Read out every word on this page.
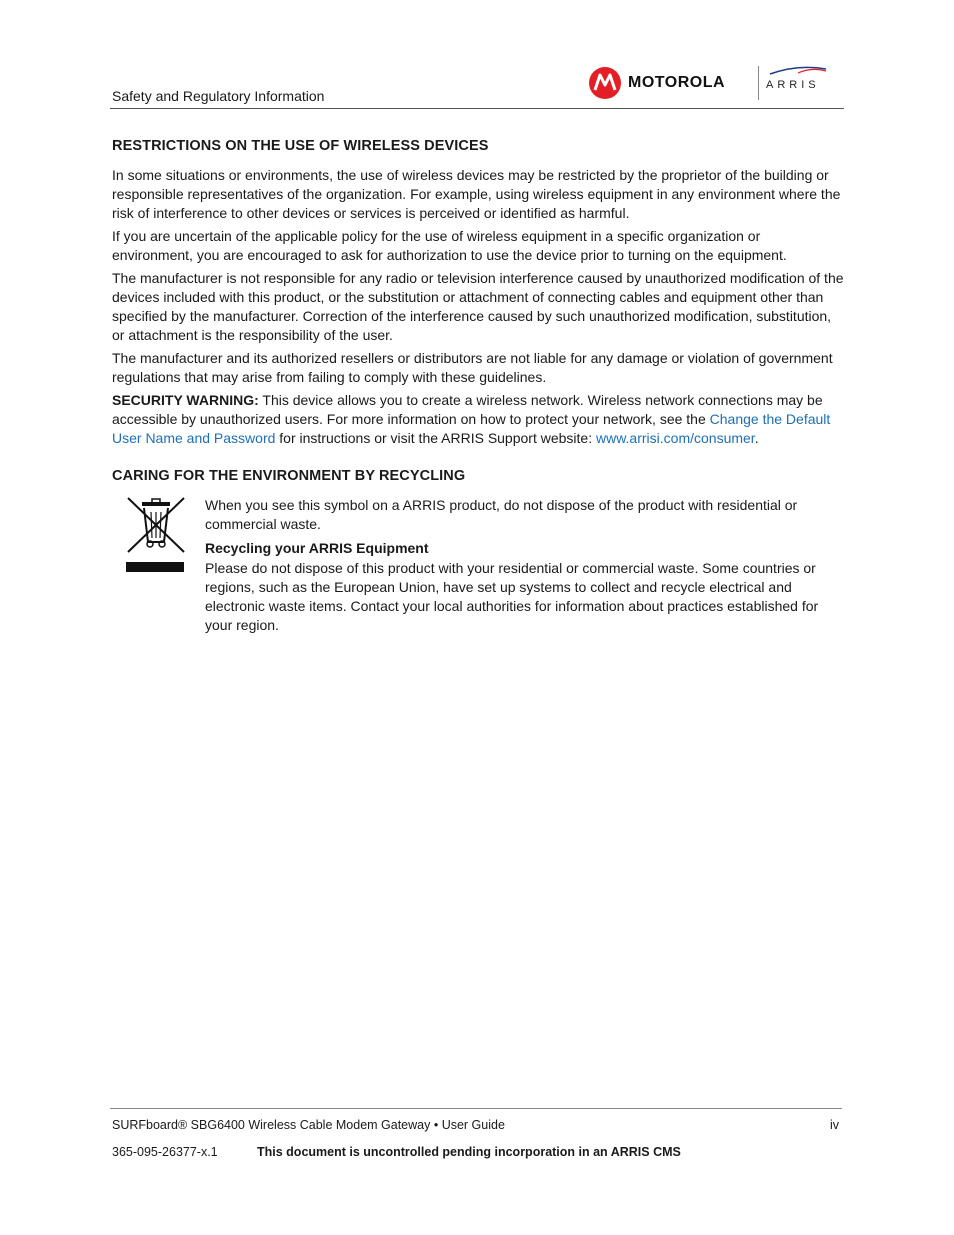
Safety and Regulatory Information
MOTOROLA	ARRIS
RESTRICTIONS ON THE USE OF WIRELESS DEVICES

In some situations or environments, the use of wireless devices may be restricted by the proprietor of the building or responsible representatives of the organization. For example, using wireless equipment in any environment where the risk of interference to other devices or services is perceived or identified as harmful.

If you are uncertain of the applicable policy for the use of wireless equipment in a specific organization or environment, you are encouraged to ask for authorization to use the device prior to turning on the equipment.

The manufacturer is not responsible for any radio or television interference caused by unauthorized modification of the devices included with this product, or the substitution or attachment of connecting cables and equipment other than specified by the manufacturer. Correction of the interference caused by such unauthorized modification, substitution, or attachment is the responsibility of the user.

The manufacturer and its authorized resellers or distributors are not liable for any damage or violation of government regulations that may arise from failing to comply with these guidelines.

SECURITY WARNING: This device allows you to create a wireless network. Wireless network connections may be accessible by unauthorized users. For more information on how to protect your network, see the Change the Default User Name and Password for instructions or visit the ARRIS Support website: www.arrisi.com/consumer.

CARING FOR THE ENVIRONMENT BY RECYCLING

When you see this symbol on a ARRIS product, do not dispose of the product with residential or commercial waste.

Recycling your ARRIS Equipment

Please do not dispose of this product with your residential or commercial waste. Some countries or regions, such as the European Union, have set up systems to collect and recycle electrical and electronic waste items. Contact your local authorities for information about practices established for your region.

SURFboard® SBG6400 Wireless Cable Modem Gateway • User Guide	iv
365-095-26377-x.1	This document is uncontrolled pending incorporation in an ARRIS CMS
